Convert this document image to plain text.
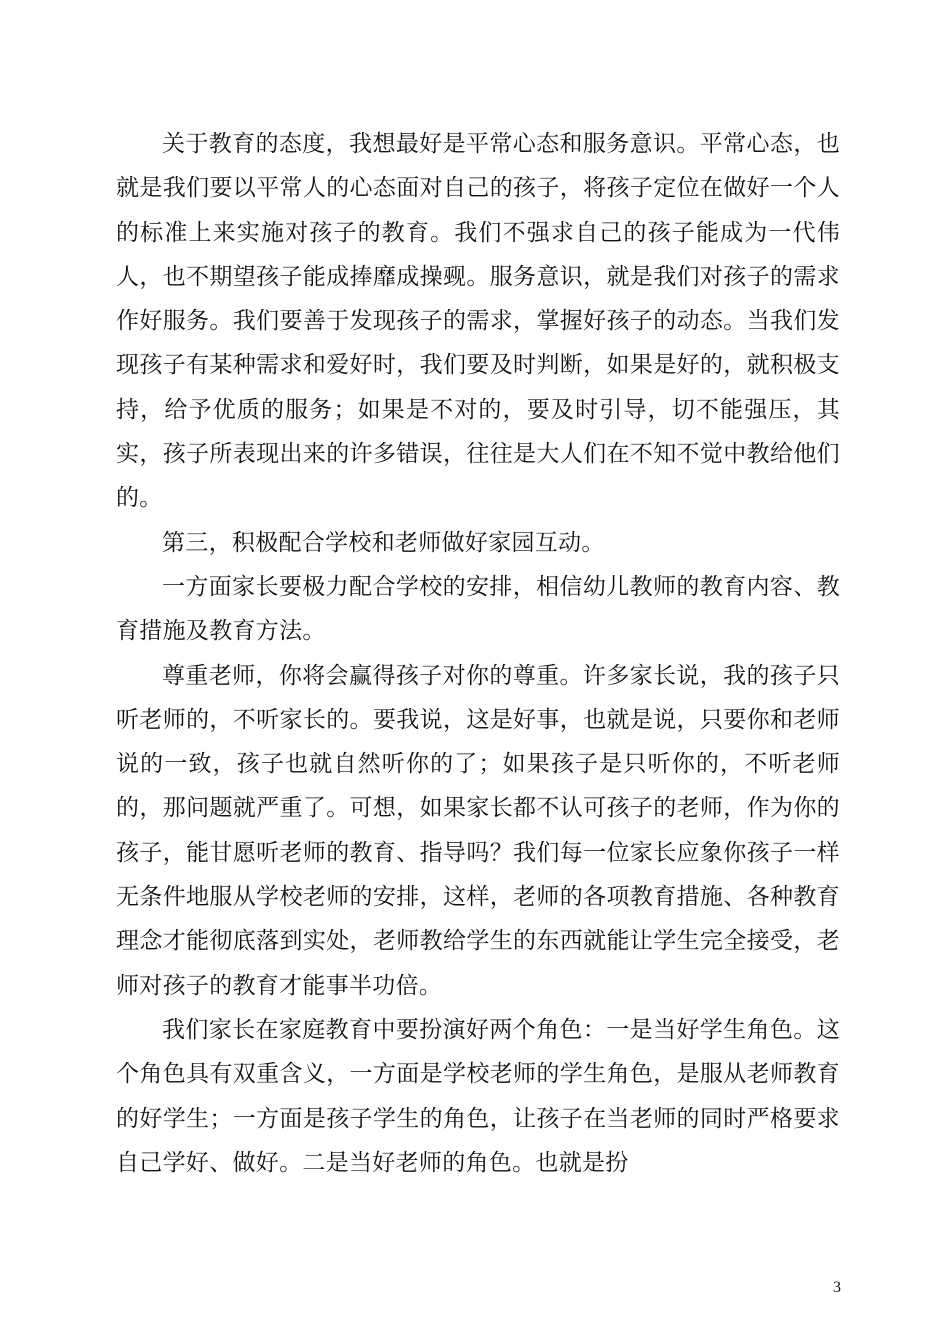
关于教育的态度，我想最好是平常心态和服务意识。平常心态，也就是我们要以平常人的心态面对自己的孩子，将孩子定位在做好一个人的标准上来实施对孩子的教育。我们不强求自己的孩子能成为一代伟人，也不期望孩子能成捧靡成操觋。服务意识，就是我们对孩子的需求作好服务。我们要善于发现孩子的需求，掌握好孩子的动态。当我们发现孩子有某种需求和爱好时，我们要及时判断，如果是好的，就积极支持，给予优质的服务；如果是不对的，要及时引导，切不能强压，其实，孩子所表现出来的许多错误，往往是大人们在不知不觉中教给他们的。

第三，积极配合学校和老师做好家园互动。

一方面家长要极力配合学校的安排，相信幼儿教师的教育内容、教育措施及教育方法。

尊重老师，你将会赢得孩子对你的尊重。许多家长说，我的孩子只听老师的，不听家长的。要我说，这是好事，也就是说，只要你和老师说的一致，孩子也就自然听你的了；如果孩子是只听你的，不听老师的，那问题就严重了。可想，如果家长都不认可孩子的老师，作为你的孩子，能甘愿听老师的教育、指导吗？我们每一位家长应象你孩子一样无条件地服从学校老师的安排，这样，老师的各项教育措施、各种教育理念才能彻底落到实处，老师教给学生的东西就能让学生完全接受，老师对孩子的教育才能事半功倍。

我们家长在家庭教育中要扮演好两个角色：一是当好学生角色。这个角色具有双重含义，一方面是学校老师的学生角色，是服从老师教育的好学生；一方面是孩子学生的角色，让孩子在当老师的同时严格要求自己学好、做好。二是当好老师的角色。也就是扮

3
